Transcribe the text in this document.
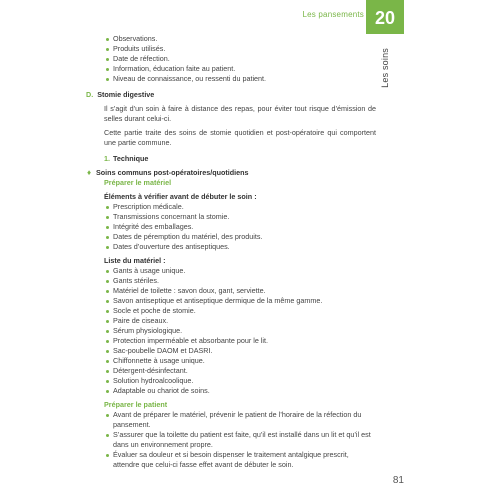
Les pansements 20
Les soins
Observations.
Produits utilisés.
Date de réfection.
Information, éducation faite au patient.
Niveau de connaissance, ou ressenti du patient.
D. Stomie digestive
Il s’agit d’un soin à faire à distance des repas, pour éviter tout risque d’émission de selles durant celui-ci.
Cette partie traite des soins de stomie quotidien et post-opératoire qui comportent une partie commune.
1. Technique
♦ Soins communs post-opératoires/quotidiens
Préparer le matériel
Éléments à vérifier avant de débuter le soin :
Prescription médicale.
Transmissions concernant la stomie.
Intégrité des emballages.
Dates de péremption du matériel, des produits.
Dates d’ouverture des antiseptiques.
Liste du matériel :
Gants à usage unique.
Gants stériles.
Matériel de toilette : savon doux, gant, serviette.
Savon antiseptique et antiseptique dermique de la même gamme.
Socle et poche de stomie.
Paire de ciseaux.
Sérum physiologique.
Protection imperméable et absorbante pour le lit.
Sac-poubelle DAOM et DASRI.
Chiffonnette à usage unique.
Détergent-désinfectant.
Solution hydroalcoolique.
Adaptable ou chariot de soins.
Préparer le patient
Avant de préparer le matériel, prévenir le patient de l’horaire de la réfection du pansement.
S’assurer que la toilette du patient est faite, qu’il est installé dans un lit et qu’il est dans un environnement propre.
Évaluer sa douleur et si besoin dispenser le traitement antalgique prescrit, attendre que celui-ci fasse effet avant de débuter le soin.
81
